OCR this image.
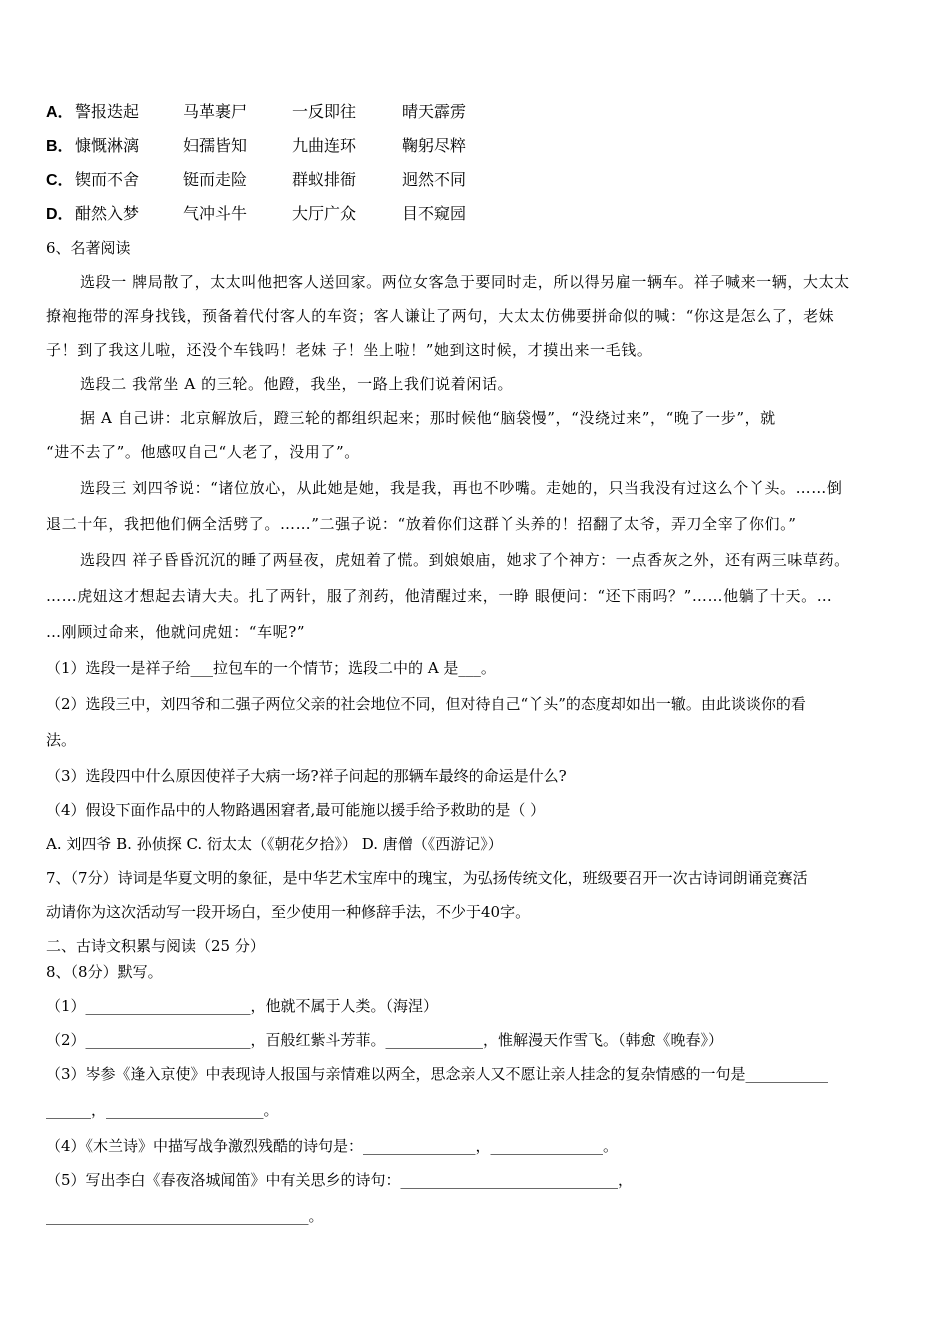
A． 警报迭起	马革裹尸	一反即往	晴天霹雳
B． 慷慨淋漓	妇孺皆知	九曲连环	鞠躬尽粹
C． 锲而不舍	铤而走险	群蚁排衙	迥然不同
D． 酣然入梦	气冲斗牛	大厅广众	目不窥园
6、名著阅读
选段一 牌局散了，太太叫他把客人送回家。两位女客急于要同时走，所以得另雇一辆车。祥子喊来一辆，大太太
撩袍拖带的浑身找钱，预备着代付客人的车资；客人谦让了两句，大太太仿佛要拼命似的喊：“你这是怎么了，老妹
子！到了我这儿啦，还没个车钱吗！老妹 子！坐上啦！”她到这时候，才摸出来一毛钱。
选段二 我常坐 A 的三轮。他蹬，我坐，一路上我们说着闲话。
据 A 自己讲：北京解放后，蹬三轮的都组织起来；那时候他“脑袋慢”，“没绕过来”，“晚了一步”，就
“进不去了”。他感叹自己“人老了，没用了”。
选段三 刘四爷说：“诸位放心，从此她是她，我是我，再也不吵嘴。走她的，只当我没有过这么个丫头。……倒
退二十年，我把他们俩全活劈了。……”二强子说：“放着你们这群丫头养的！招翻了太爷，弄刀全宰了你们。”
选段四 祥子昏昏沉沉的睡了两昼夜，虎妞着了慌。到娘娘庙，她求了个神方：一点香灰之外，还有两三味草药。
……虎妞这才想起去请大夫。扎了两针，服了剂药，他清醒过来，一睁 眼便问：“还下雨吗？”……他躺了十天。…
…刚顾过命来，他就问虎妞：“车呢?”
（1）选段一是祥子给___拉包车的一个情节；选段二中的 A 是___。
（2）选段三中，刘四爷和二强子两位父亲的社会地位不同，但对待自己“丫头”的态度却如出一辙。由此谈谈你的看
法。
（3）选段四中什么原因使祥子大病一场?祥子问起的那辆车最终的命运是什么?
（4）假设下面作品中的人物路遇困窘者,最可能施以援手给予救助的是（ ）
A. 刘四爷 B. 孙侦探 C. 衍太太（《朝花夕拾》） D. 唐僧（《西游记》）
7、（7分）诗词是华夏文明的象征，是中华艺术宝库中的瑰宝，为弘扬传统文化，班级要召开一次古诗词朗诵竞赛活
动请你为这次活动写一段开场白，至少使用一种修辞手法，不少于40字。
二、古诗文积累与阅读（25 分）
8、（8分）默写。
（1）______________________，他就不属于人类。（海涅）
（2）______________________，百般红紫斗芳菲。_____________，惟解漫天作雪飞。（韩愈《晚春》）
（3）岑参《逢入京使》中表现诗人报国与亲情难以两全，思念亲人又不愿让亲人挂念的复杂情感的一句是___________
______，_____________________。
（4）《木兰诗》中描写战争激烈残酷的诗句是：_______________，_______________。
（5）写出李白《春夜洛城闻笛》中有关思乡的诗句：_____________________________，
___________________________________。
